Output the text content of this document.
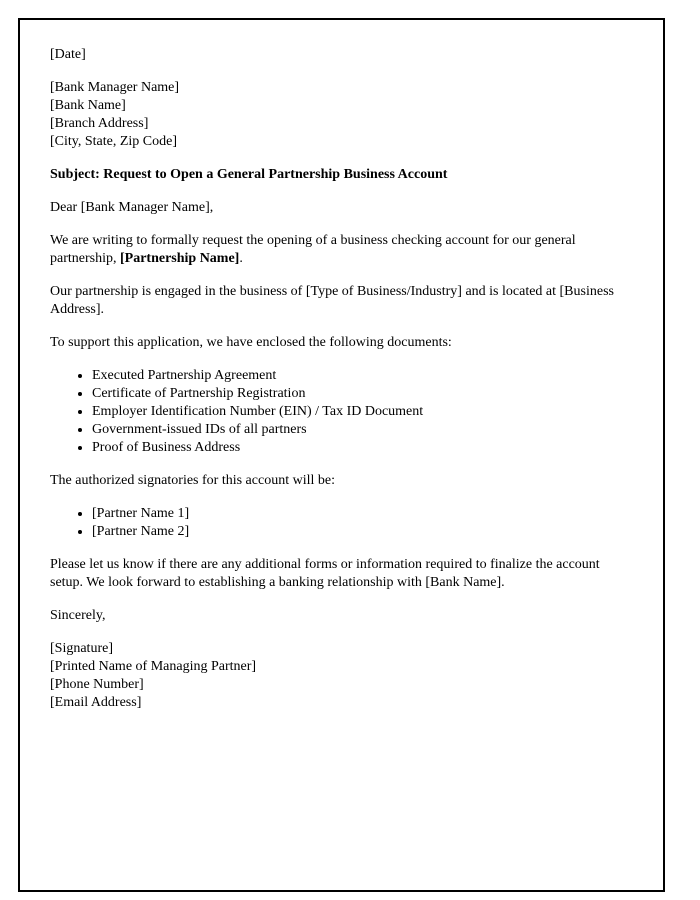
[Date]

[Bank Manager Name]

[Bank Name]

[Branch Address]

[City, State, Zip Code]

Subject: Request to Open a General Partnership Business Account

Dear [Bank Manager Name],

We are writing to formally request the opening of a business checking account for our general partnership, [Partnership Name].

Our partnership is engaged in the business of [Type of Business/Industry] and is located at [Business Address].

To support this application, we have enclosed the following documents:

• Executed Partnership Agreement
• Certificate of Partnership Registration
• Employer Identification Number (EIN) / Tax ID Document
• Government-issued IDs of all partners
• Proof of Business Address

The authorized signatories for this account will be:

• [Partner Name 1]
• [Partner Name 2]

Please let us know if there are any additional forms or information required to finalize the account setup. We look forward to establishing a banking relationship with [Bank Name].

Sincerely,

[Signature]

[Printed Name of Managing Partner]

[Phone Number]

[Email Address]
